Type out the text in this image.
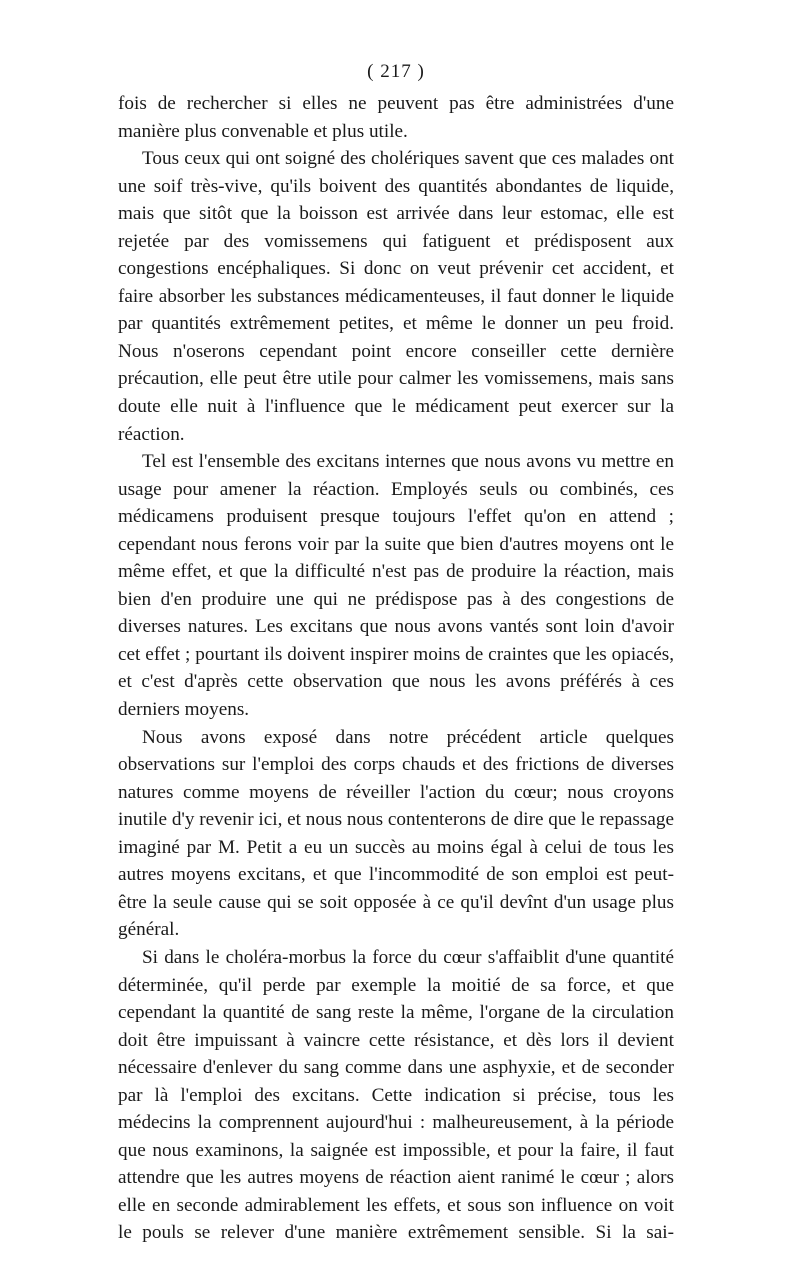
( 217 )

fois de rechercher si elles ne peuvent pas être administrées d'une manière plus convenable et plus utile.

Tous ceux qui ont soigné des cholériques savent que ces malades ont une soif très-vive, qu'ils boivent des quantités abondantes de liquide, mais que sitôt que la boisson est arrivée dans leur estomac, elle est rejetée par des vomissemens qui fatiguent et prédisposent aux congestions encéphaliques. Si donc on veut prévenir cet accident, et faire absorber les substances médicamenteuses, il faut donner le liquide par quantités extrêmement petites, et même le donner un peu froid. Nous n'oserons cependant point encore conseiller cette dernière précaution, elle peut être utile pour calmer les vomissemens, mais sans doute elle nuit à l'influence que le médicament peut exercer sur la réaction.

Tel est l'ensemble des excitans internes que nous avons vu mettre en usage pour amener la réaction. Employés seuls ou combinés, ces médicamens produisent presque toujours l'effet qu'on en attend ; cependant nous ferons voir par la suite que bien d'autres moyens ont le même effet, et que la difficulté n'est pas de produire la réaction, mais bien d'en produire une qui ne prédispose pas à des congestions de diverses natures. Les excitans que nous avons vantés sont loin d'avoir cet effet ; pourtant ils doivent inspirer moins de craintes que les opiacés, et c'est d'après cette observation que nous les avons préférés à ces derniers moyens.

Nous avons exposé dans notre précédent article quelques observations sur l'emploi des corps chauds et des frictions de diverses natures comme moyens de réveiller l'action du cœur; nous croyons inutile d'y revenir ici, et nous nous contenterons de dire que le repassage imaginé par M. Petit a eu un succès au moins égal à celui de tous les autres moyens excitans, et que l'incommodité de son emploi est peut-être la seule cause qui se soit opposée à ce qu'il devînt d'un usage plus général.

Si dans le choléra-morbus la force du cœur s'affaiblit d'une quantité déterminée, qu'il perde par exemple la moitié de sa force, et que cependant la quantité de sang reste la même, l'organe de la circulation doit être impuissant à vaincre cette résistance, et dès lors il devient nécessaire d'enlever du sang comme dans une asphyxie, et de seconder par là l'emploi des excitans. Cette indication si précise, tous les médecins la comprennent aujourd'hui : malheureusement, à la période que nous examinons, la saignée est impossible, et pour la faire, il faut attendre que les autres moyens de réaction aient ranimé le cœur ; alors elle en seconde admirablement les effets, et sous son influence on voit le pouls se relever d'une manière extrêmement sensible. Si la sai-
